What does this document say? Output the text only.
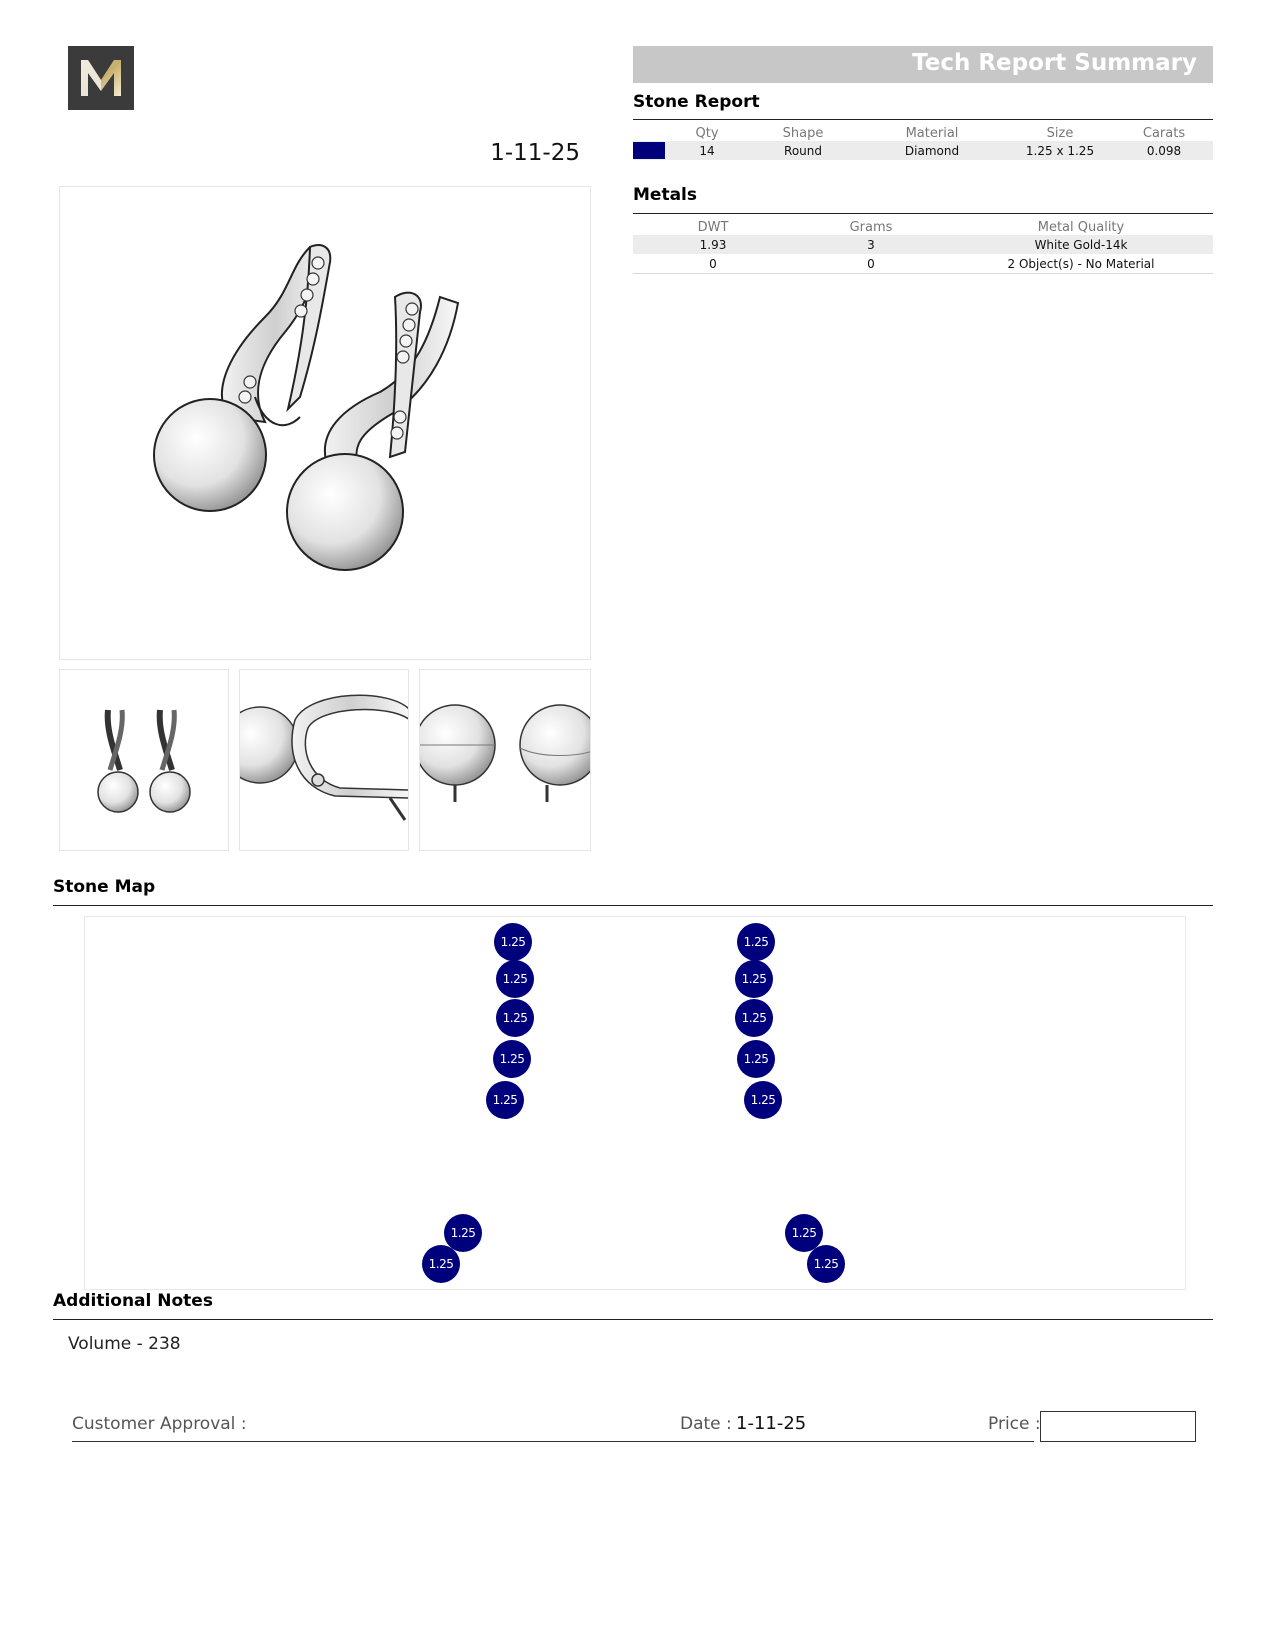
1-11-25
Tech Report Summary
Stone Report
	Qty	Shape	Material	Size	Carats

	14	Round	Diamond	1.25 x 1.25	0.098
Metals
DWT	Grams	Metal Quality
1.93	3	White Gold-14k
0	0	2 Object(s) - No Material
Stone Map
1.25
1.25
1.25
1.25
1.25
1.25
1.25
1.25
1.25
1.25
1.25
1.25
1.25
1.25
Additional Notes
Volume - 238
Customer Approval :	Date : 1-11-25	Price :
